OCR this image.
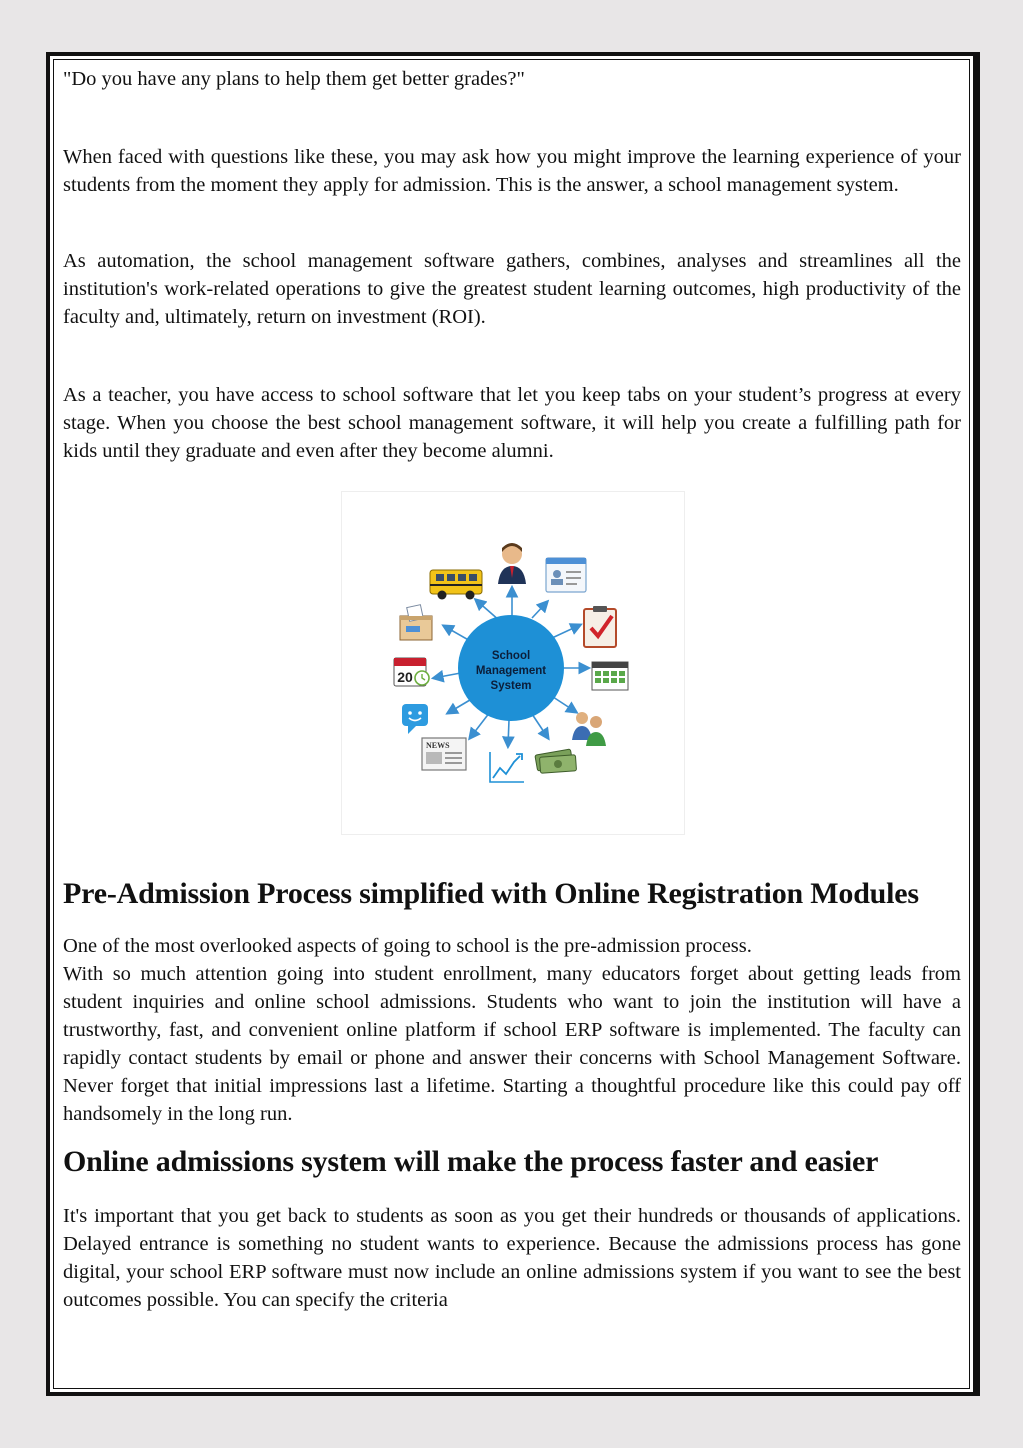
"Do you have any plans to help them get better grades?"

When faced with questions like these, you may ask how you might improve the learning experience of your students from the moment they apply for admission. This is the answer, a school management system.

As automation, the school management software gathers, combines, analyses and streamlines all the institution's work-related operations to give the greatest student learning outcomes, high productivity of the faculty and, ultimately, return on investment (ROI).

As a teacher, you have access to school software that let you keep tabs on your student’s progress at every stage. When you choose the best school management software, it will help you create a fulfilling path for kids until they graduate and even after they become alumni.

School
Management
System
NEWS
20
Pre-Admission Process simplified with Online Registration Modules

One of the most overlooked aspects of going to school is the pre-admission process.

With so much attention going into student enrollment, many educators forget about getting leads from student inquiries and online school admissions. Students who want to join the institution will have a trustworthy, fast, and convenient online platform if school ERP software is implemented. The faculty can rapidly contact students by email or phone and answer their concerns with School Management Software. Never forget that initial impressions last a lifetime. Starting a thoughtful procedure like this could pay off handsomely in the long run.

Online admissions system will make the process faster and easier

It's important that you get back to students as soon as you get their hundreds or thousands of applications. Delayed entrance is something no student wants to experience. Because the admissions process has gone digital, your school ERP software must now include an online admissions system if you want to see the best outcomes possible. You can specify the criteria
